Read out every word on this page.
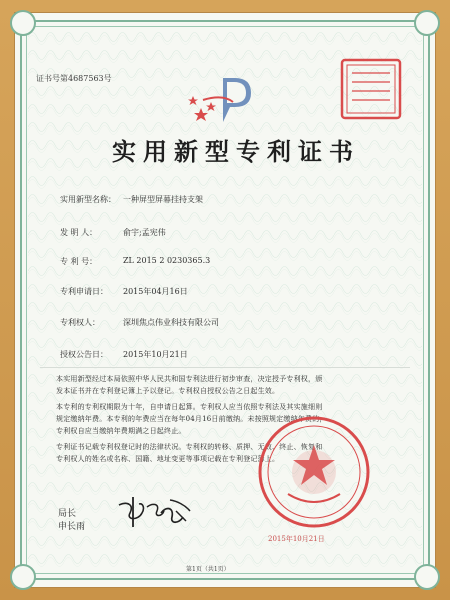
证书号第4687563号
实用新型专利证书
实用新型名称： 一种屏型屏幕挂持支架
发 明 人：	俞宇;孟宪伟
专 利 号：	ZL 2015 2 0230365.3
专利申请日： 2015年04月16日
专利权人：	深圳焦点伟业科技有限公司
授权公告日： 2015年10月21日
本实用新型经过本局依照中华人民共和国专利法进行初步审查，决定授予专利权，颁
发本证书并在专利登记簿上予以登记。专利权自授权公告之日起生效。
本专利的专利权期限为十年，自申请日起算。专利权人应当依照专利法及其实施细则
规定缴纳年费。本专利的年费应当在每年04月16日前缴纳。未按照规定缴纳年费的，
专利权自应当缴纳年费期满之日起终止。
专利证书记载专利权登记时的法律状况。专利权的转移、质押、无效、终止、恢复和
专利权人的姓名或名称、国籍、地址变更等事项记载在专利登记簿上。
局长
申长雨
2015年10月21日
第1页（共1页）
